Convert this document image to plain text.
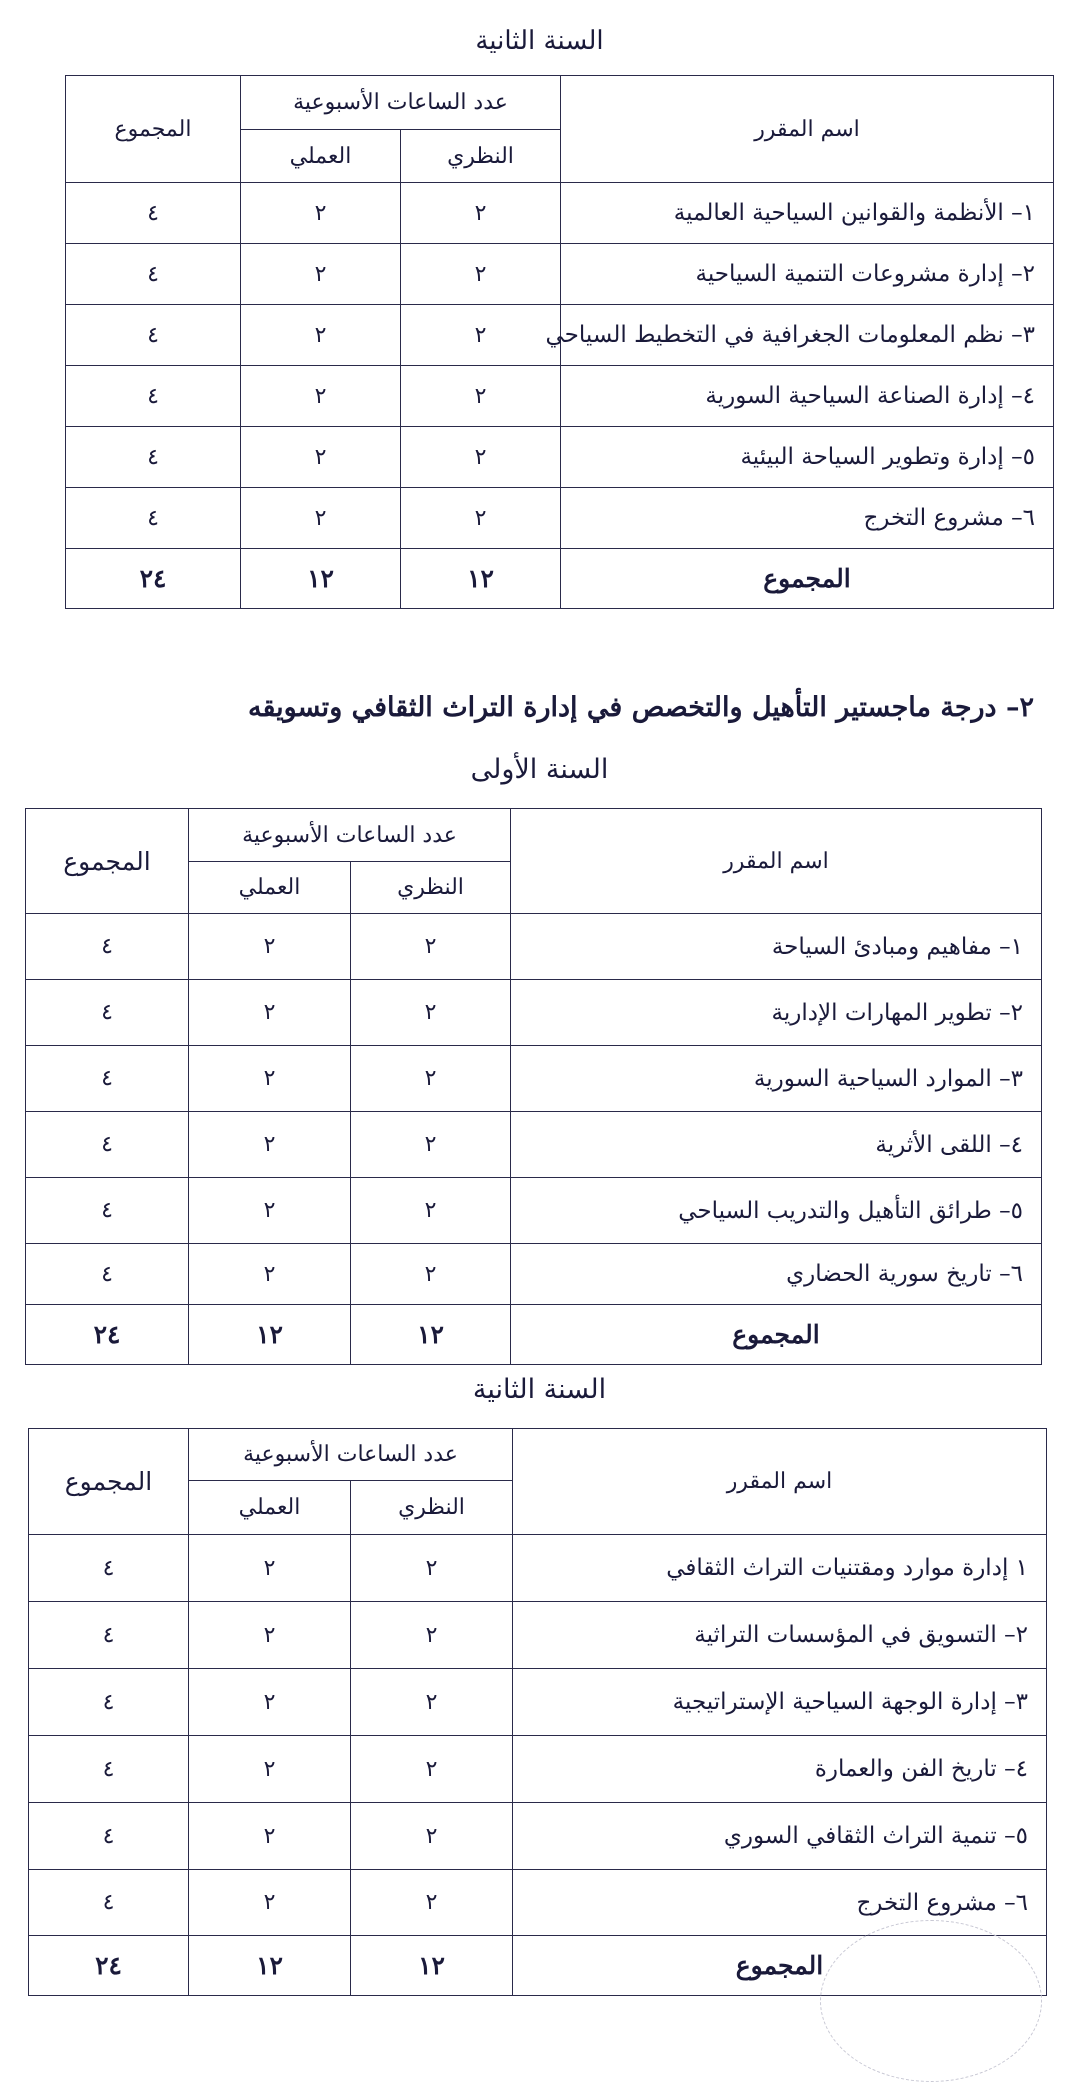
السنة الثانية
اسم المقرر	عدد الساعات الأسبوعية		المجموع
	النظري	العملي	
١– الأنظمة والقوانين السياحية العالمية	٢	٢	٤
٢– إدارة مشروعات التنمية السياحية	٢	٢	٤
٣– نظم المعلومات الجغرافية في التخطيط السياحي	٢	٢	٤
٤– إدارة الصناعة السياحية السورية	٢	٢	٤
٥– إدارة وتطوير السياحة البيئية	٢	٢	٤
٦– مشروع التخرج	٢	٢	٤
المجموع	١٢	١٢	٢٤
٢– درجة ماجستير التأهيل والتخصص في إدارة التراث الثقافي وتسويقه
السنة الأولى
اسم المقرر	عدد الساعات الأسبوعية		المجموع
	النظري	العملي	
١– مفاهيم ومبادئ السياحة	٢	٢	٤
٢– تطوير المهارات الإدارية	٢	٢	٤
٣– الموارد السياحية السورية	٢	٢	٤
٤– اللقى الأثرية	٢	٢	٤
٥– طرائق التأهيل والتدريب السياحي	٢	٢	٤
٦– تاريخ سورية الحضاري	٢	٢	٤
المجموع	١٢	١٢	٢٤
السنة الثانية
اسم المقرر	عدد الساعات الأسبوعية		المجموع
	النظري	العملي	
١ إدارة موارد ومقتنيات التراث الثقافي	٢	٢	٤
٢– التسويق في المؤسسات التراثية	٢	٢	٤
٣– إدارة الوجهة السياحية الإستراتيجية	٢	٢	٤
٤– تاريخ الفن والعمارة	٢	٢	٤
٥– تنمية التراث الثقافي السوري	٢	٢	٤
٦– مشروع التخرج	٢	٢	٤
المجموع	١٢	١٢	٢٤
